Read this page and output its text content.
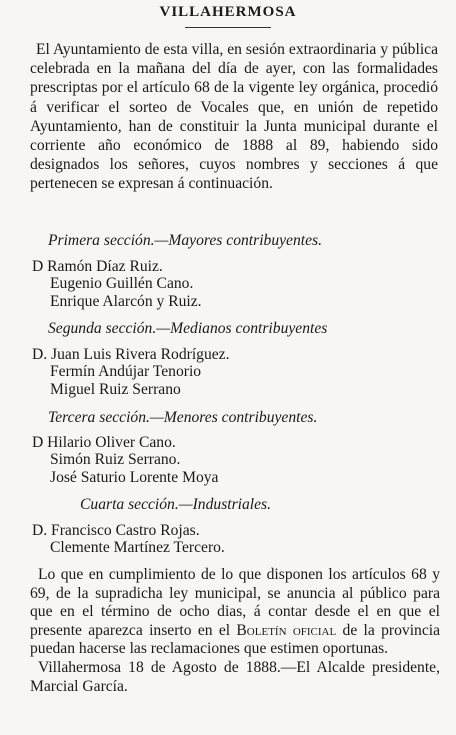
VILLAHERMOSA

El Ayuntamiento de esta villa, en sesión extraordinaria y pública celebrada en la mañana del día de ayer, con las formalidades prescriptas por el artículo 68 de la vigente ley orgánica, procedió á verificar el sorteo de Vocales que, en unión de repetido Ayuntamiento, han de constituir la Junta municipal durante el corriente año económico de 1888 al 89, habiendo sido designados los señores, cuyos nombres y secciones á que pertenecen se expresan á continuación.

Primera sección.—Mayores contribuyentes.
D Ramón Díaz Ruiz.
Eugenio Guillén Cano.
Enrique Alarcón y Ruiz.
Segunda sección.—Medianos contribuyentes
D. Juan Luis Rivera Rodríguez.
Fermín Andújar Tenorio
Miguel Ruiz Serrano
Tercera sección.—Menores contribuyentes.
D Hilario Oliver Cano.
Simón Ruiz Serrano.
José Saturio Lorente Moya
Cuarta sección.—Industriales.
D. Francisco Castro Rojas.
Clemente Martínez Tercero.

Lo que en cumplimiento de lo que disponen los artículos 68 y 69, de la supradicha ley municipal, se anuncia al público para que en el término de ocho dias, á contar desde el en que el presente aparezca inserto en el Boletín oficial de la provincia puedan hacerse las reclamaciones que estimen oportunas.

Villahermosa 18 de Agosto de 1888.—El Alcalde presidente, Marcial García.
